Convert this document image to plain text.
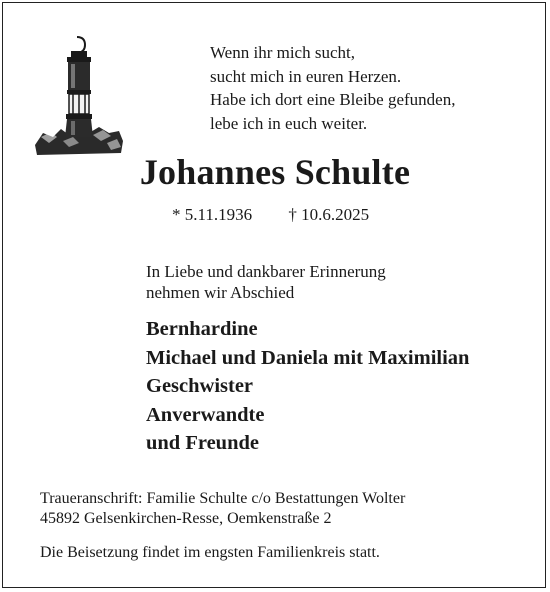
Wenn ihr mich sucht,
sucht mich in euren Herzen.
Habe ich dort eine Bleibe gefunden,
lebe ich in euch weiter.
Johannes Schulte
* 5.11.1936 † 10.6.2025
In Liebe und dankbarer Erinnerung
nehmen wir Abschied
Bernhardine
Michael und Daniela mit Maximilian
Geschwister
Anverwandte
und Freunde
Traueranschrift: Familie Schulte c/o Bestattungen Wolter
45892 Gelsenkirchen-Resse, Oemkenstraße 2
Die Beisetzung findet im engsten Familienkreis statt.
